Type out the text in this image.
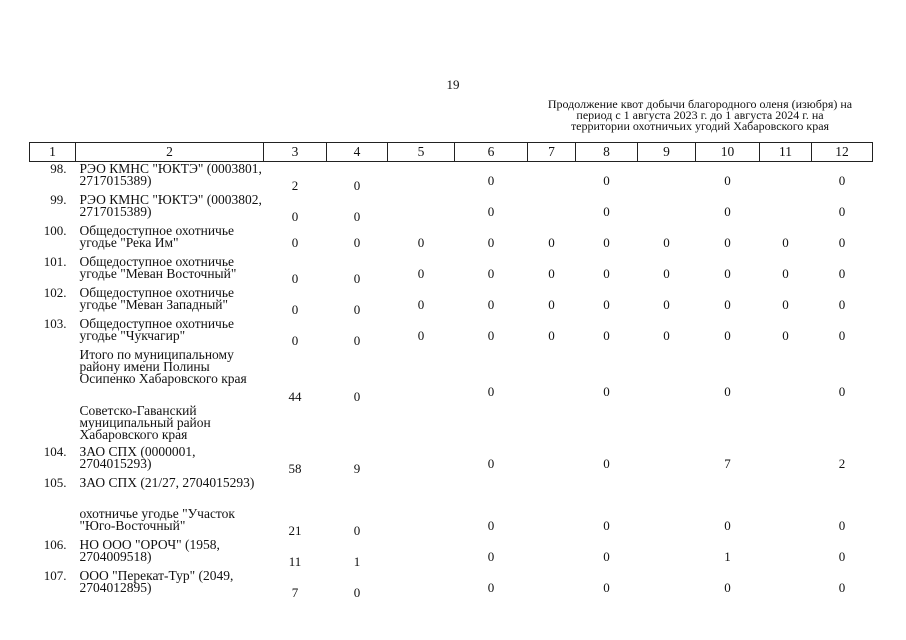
19
Продолжение квот добычи благородного оленя (изюбря) на
период с 1 августа 2023 г. до 1 августа 2024 г. на
территории охотничьих угодий Хабаровского края
1	2	3	4	5	6	7	8	9	10	11	12
98.	РЭО КМНС "ЮКТЭ" (0003801, 2717015389)	2	0		0		0		0		0
99.	РЭО КМНС "ЮКТЭ" (0003802, 2717015389)	0	0		0		0		0		0
100.	Общедоступное охотничье угодье "Река Им"	0	0	0	0	0	0	0	0	0	0
101.	Общедоступное охотничье угодье "Меван Восточный"	0	0	0	0	0	0	0	0	0	0
102.	Общедоступное охотничье угодье "Меван Западный"	0	0	0	0	0	0	0	0	0	0
103.	Общедоступное охотничье угодье "Чукчагир"	0	0	0	0	0	0	0	0	0	0
	Итого по муниципальному району имени Полины Осипенко Хабаровского края	44	0		0		0		0		0
	Советско-Гаванский муниципальный район Хабаровского края										
104.	ЗАО СПХ (0000001, 2704015293)	58	9		0		0		7		2
105.	ЗАО СПХ (21/27, 2704015293)										
	охотничье угодье "Участок "Юго-Восточный"	21	0		0		0		0		0
106.	НО ООО "ОРОЧ" (1958, 2704009518)	11	1		0		0		1		0
107.	ООО "Перекат-Тур" (2049, 2704012895)	7	0		0		0		0		0
